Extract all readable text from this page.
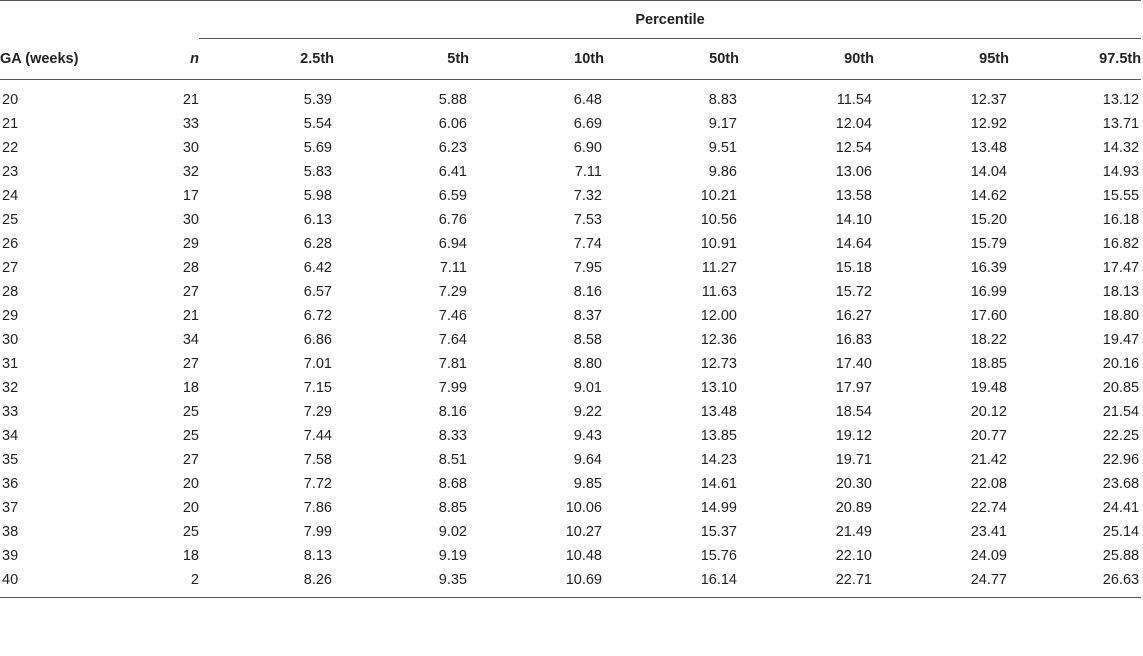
		Percentile						
GA (weeks)	n	2.5th	5th	10th	50th	90th	95th	97.5th
20	21	5.39	5.88	6.48	8.83	11.54	12.37	13.12
21	33	5.54	6.06	6.69	9.17	12.04	12.92	13.71
22	30	5.69	6.23	6.90	9.51	12.54	13.48	14.32
23	32	5.83	6.41	7.11	9.86	13.06	14.04	14.93
24	17	5.98	6.59	7.32	10.21	13.58	14.62	15.55
25	30	6.13	6.76	7.53	10.56	14.10	15.20	16.18
26	29	6.28	6.94	7.74	10.91	14.64	15.79	16.82
27	28	6.42	7.11	7.95	11.27	15.18	16.39	17.47
28	27	6.57	7.29	8.16	11.63	15.72	16.99	18.13
29	21	6.72	7.46	8.37	12.00	16.27	17.60	18.80
30	34	6.86	7.64	8.58	12.36	16.83	18.22	19.47
31	27	7.01	7.81	8.80	12.73	17.40	18.85	20.16
32	18	7.15	7.99	9.01	13.10	17.97	19.48	20.85
33	25	7.29	8.16	9.22	13.48	18.54	20.12	21.54
34	25	7.44	8.33	9.43	13.85	19.12	20.77	22.25
35	27	7.58	8.51	9.64	14.23	19.71	21.42	22.96
36	20	7.72	8.68	9.85	14.61	20.30	22.08	23.68
37	20	7.86	8.85	10.06	14.99	20.89	22.74	24.41
38	25	7.99	9.02	10.27	15.37	21.49	23.41	25.14
39	18	8.13	9.19	10.48	15.76	22.10	24.09	25.88
40	2	8.26	9.35	10.69	16.14	22.71	24.77	26.63
